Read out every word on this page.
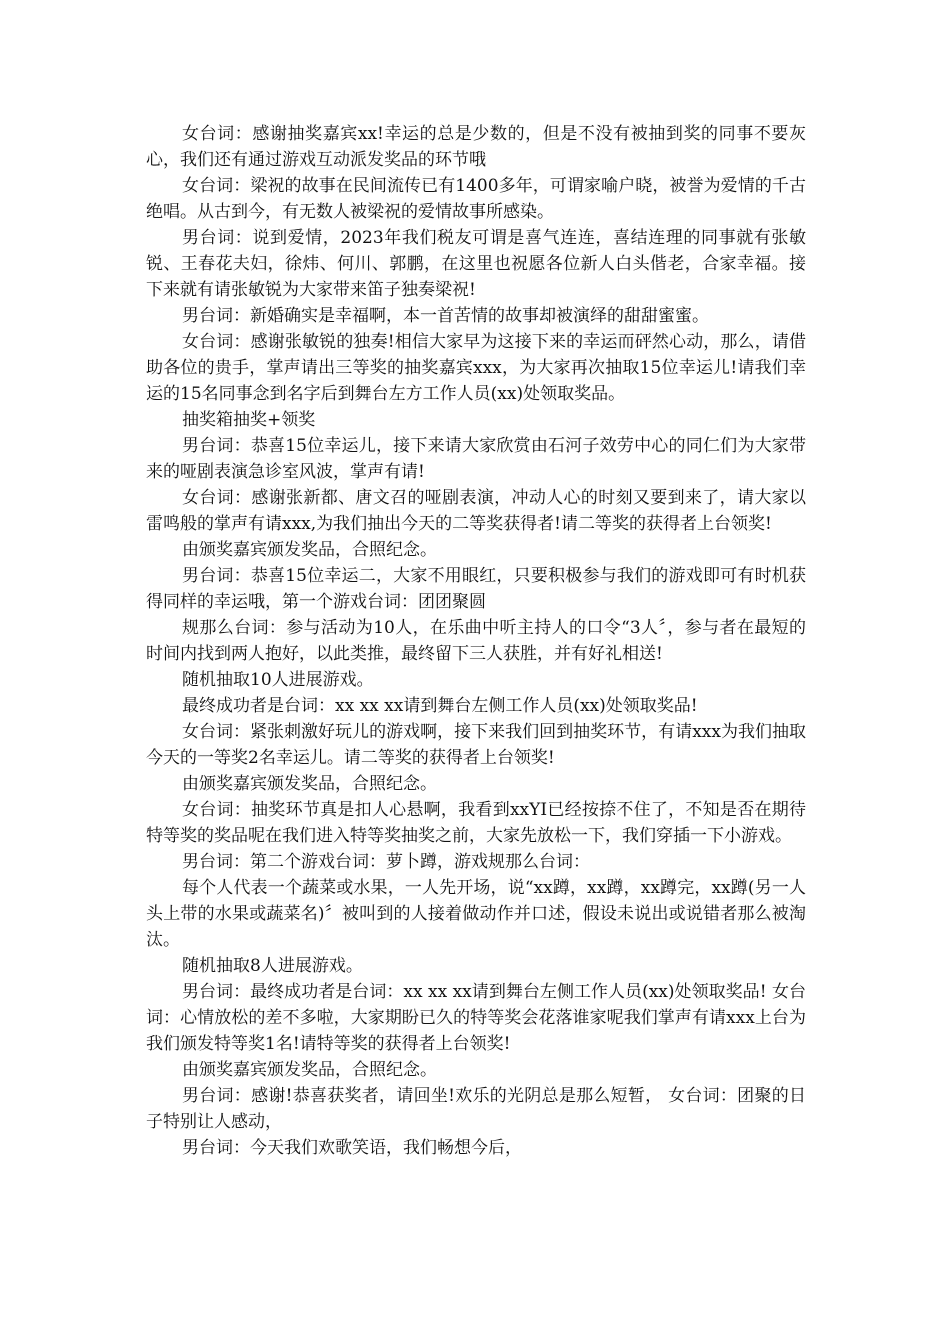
女台词：感谢抽奖嘉宾xx!幸运的总是少数的，但是不没有被抽到奖的同事不要灰心，我们还有通过游戏互动派发奖品的环节哦

女台词：梁祝的故事在民间流传已有1400多年，可谓家喻户晓，被誉为爱情的千古绝唱。从古到今，有无数人被梁祝的爱情故事所感染。

男台词：说到爱情，2023年我们税友可谓是喜气连连，喜结连理的同事就有张敏锐、王春花夫妇，徐炜、何川、郭鹏，在这里也祝愿各位新人白头偕老，合家幸福。接下来就有请张敏锐为大家带来笛子独奏梁祝!

男台词：新婚确实是幸福啊，本一首苦情的故事却被演绎的甜甜蜜蜜。

女台词：感谢张敏锐的独奏!相信大家早为这接下来的幸运而砰然心动，那么，请借助各位的贵手，掌声请出三等奖的抽奖嘉宾xxx，为大家再次抽取15位幸运儿!请我们幸运的15名同事念到名字后到舞台左方工作人员(xx)处领取奖品。

抽奖箱抽奖+领奖

男台词：恭喜15位幸运儿，接下来请大家欣赏由石河子效劳中心的同仁们为大家带来的哑剧表演急诊室风波，掌声有请!

女台词：感谢张新都、唐文召的哑剧表演，冲动人心的时刻又要到来了，请大家以雷鸣般的掌声有请xxx,为我们抽出今天的二等奖获得者!请二等奖的获得者上台领奖!

由颁奖嘉宾颁发奖品，合照纪念。

男台词：恭喜15位幸运二，大家不用眼红，只要积极参与我们的游戏即可有时机获得同样的幸运哦，第一个游戏台词：团团聚圆

规那么台词：参与活动为10人，在乐曲中听主持人的口令“3人〞，参与者在最短的时间内找到两人抱好，以此类推，最终留下三人获胜，并有好礼相送!

随机抽取10人进展游戏。

最终成功者是台词：xx xx xx请到舞台左侧工作人员(xx)处领取奖品!

女台词：紧张刺激好玩儿的游戏啊，接下来我们回到抽奖环节，有请xxx为我们抽取今天的一等奖2名幸运儿。请二等奖的获得者上台领奖!

由颁奖嘉宾颁发奖品，合照纪念。

女台词：抽奖环节真是扣人心悬啊，我看到xxYI已经按捺不住了，不知是否在期待特等奖的奖品呢在我们进入特等奖抽奖之前，大家先放松一下，我们穿插一下小游戏。

男台词：第二个游戏台词：萝卜蹲，游戏规那么台词：

每个人代表一个蔬菜或水果，一人先开场，说“xx蹲，xx蹲，xx蹲完，xx蹲(另一人头上带的水果或蔬菜名)〞被叫到的人接着做动作并口述，假设未说出或说错者那么被淘汰。

随机抽取8人进展游戏。

男台词：最终成功者是台词：xx xx xx请到舞台左侧工作人员(xx)处领取奖品! 女台词：心情放松的差不多啦，大家期盼已久的特等奖会花落谁家呢我们掌声有请xxx上台为我们颁发特等奖1名!请特等奖的获得者上台领奖!

由颁奖嘉宾颁发奖品，合照纪念。

男台词：感谢!恭喜获奖者，请回坐!欢乐的光阴总是那么短暂， 女台词：团聚的日子特别让人感动，

男台词：今天我们欢歌笑语，我们畅想今后，
